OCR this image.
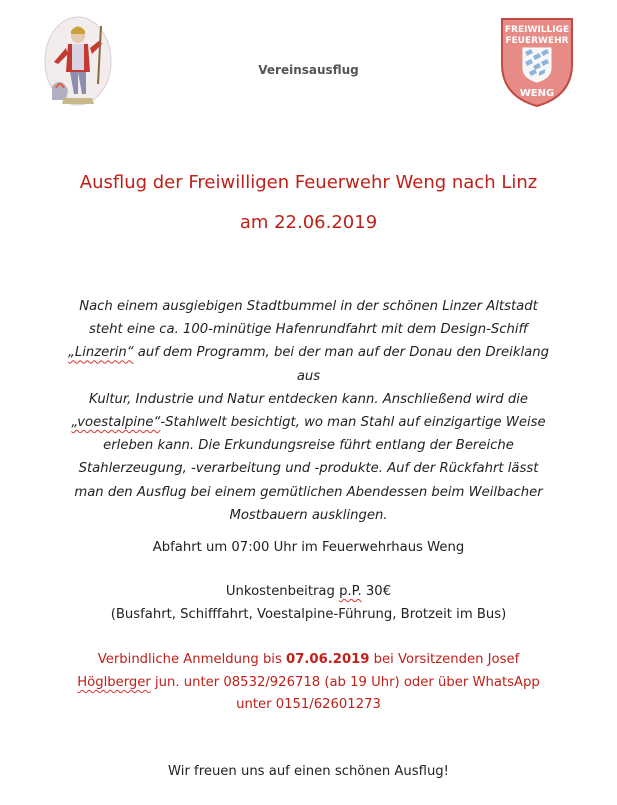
Vereinsausflug
FREIWILLIGE
FEUERWEHR
WENG
Ausflug der Freiwilligen Feuerwehr Weng nach Linz
am 22.06.2019
Nach einem ausgiebigen Stadtbummel in der schönen Linzer Altstadt
steht eine ca. 100-minütige Hafenrundfahrt mit dem Design-Schiff
„Linzerin“ auf dem Programm, bei der man auf der Donau den Dreiklang aus
Kultur, Industrie und Natur entdecken kann. Anschließend wird die
„voestalpine“-Stahlwelt besichtigt, wo man Stahl auf einzigartige Weise
erleben kann. Die Erkundungsreise führt entlang der Bereiche
Stahlerzeugung, -verarbeitung und -produkte. Auf der Rückfahrt lässt
man den Ausflug bei einem gemütlichen Abendessen beim Weilbacher
Mostbauern ausklingen.
Abfahrt um 07:00 Uhr im Feuerwehrhaus Weng
Unkostenbeitrag p.P. 30€
(Busfahrt, Schifffahrt, Voestalpine-Führung, Brotzeit im Bus)
Verbindliche Anmeldung bis 07.06.2019 bei Vorsitzenden Josef
Höglberger jun. unter 08532/926718 (ab 19 Uhr) oder über WhatsApp
unter 0151/62601273
Wir freuen uns auf einen schönen Ausflug!
